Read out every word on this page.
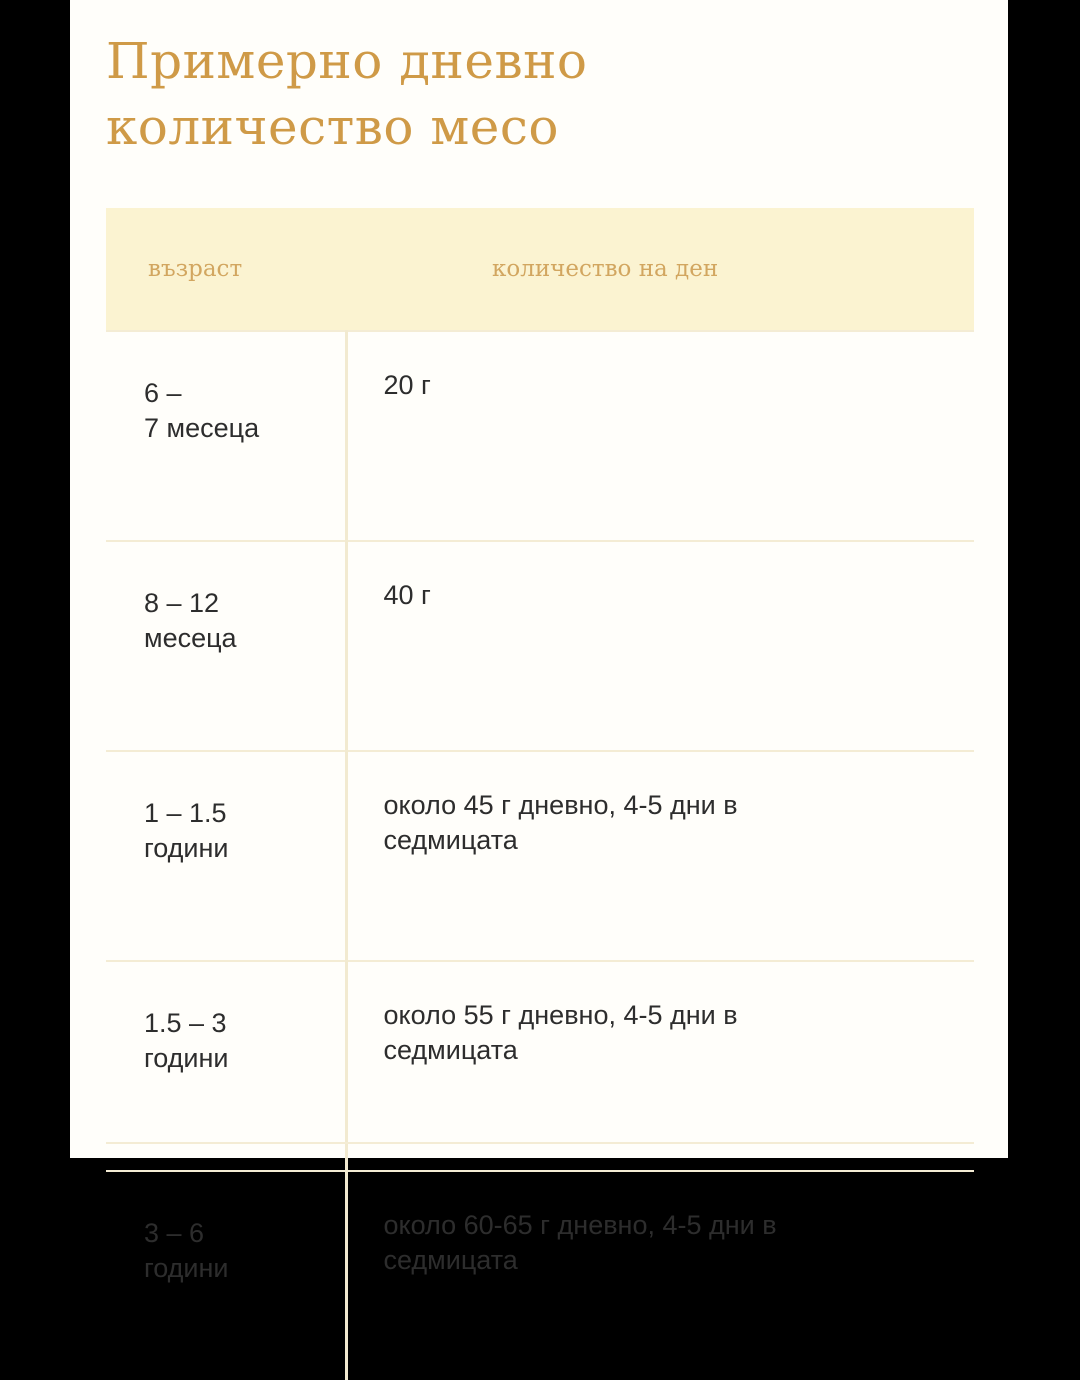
Примерно дневно
количество месо
възраст	количество на ден

6 –
7 месеца	20 г

8 – 12
месеца	40 г

1 – 1.5
години	около 45 г дневно, 4-5 дни в
седмицата

1.5 – 3
години	около 55 г дневно, 4-5 дни в
седмицата

3 – 6
години	около 60-65 г дневно, 4-5 дни в
седмицата
